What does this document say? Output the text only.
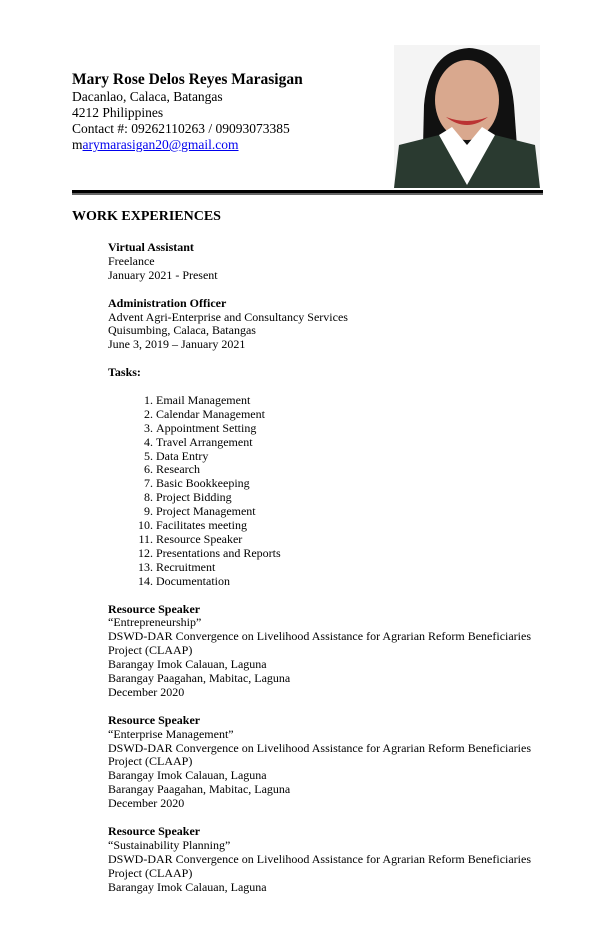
Mary Rose Delos Reyes Marasigan
Dacanlao, Calaca, Batangas
4212 Philippines
Contact #: 09262110263 / 09093073385
marymarasigan20@gmail.com
WORK EXPERIENCES
Virtual Assistant
Freelance
January 2021 - Present
Administration Officer
Advent Agri-Enterprise and Consultancy Services
Quisumbing, Calaca, Batangas
June 3, 2019 – January 2021
Tasks:
1. Email Management
2. Calendar Management
3. Appointment Setting
4. Travel Arrangement
5. Data Entry
6. Research
7. Basic Bookkeeping
8. Project Bidding
9. Project Management
10. Facilitates meeting
11. Resource Speaker
12. Presentations and Reports
13. Recruitment
14. Documentation
Resource Speaker
“Entrepreneurship”
DSWD-DAR Convergence on Livelihood Assistance for Agrarian Reform Beneficiaries
Project (CLAAP)
Barangay Imok Calauan, Laguna
Barangay Paagahan, Mabitac, Laguna
December 2020
Resource Speaker
“Enterprise Management”
DSWD-DAR Convergence on Livelihood Assistance for Agrarian Reform Beneficiaries
Project (CLAAP)
Barangay Imok Calauan, Laguna
Barangay Paagahan, Mabitac, Laguna
December 2020
Resource Speaker
“Sustainability Planning”
DSWD-DAR Convergence on Livelihood Assistance for Agrarian Reform Beneficiaries
Project (CLAAP)
Barangay Imok Calauan, Laguna
